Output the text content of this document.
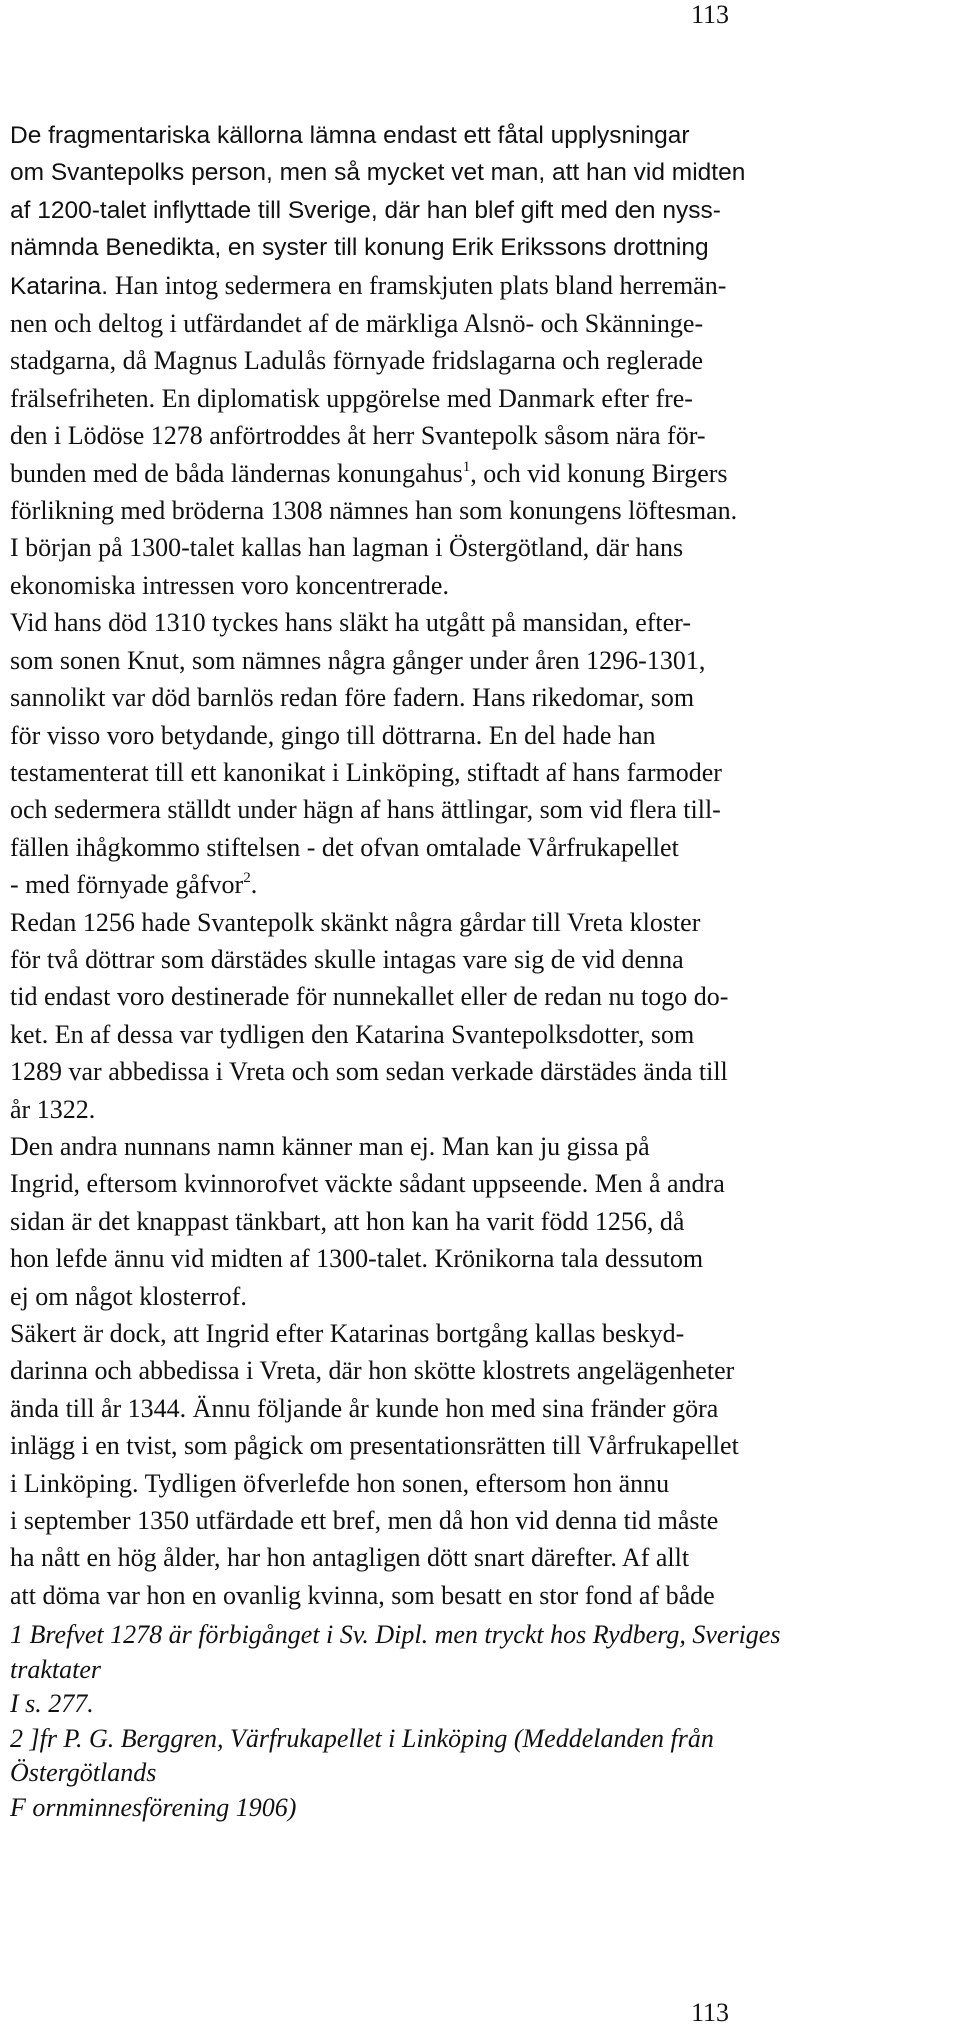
113
De fragmentariska källorna lämna endast ett fåtal upplysningar
om Svantepolks person, men så mycket vet man, att han vid midten
af 1200-talet inflyttade till Sverige, där han blef gift med den nyss-
nämnda Benedikta, en syster till konung Erik Erikssons drottning
Katarina. Han intog sedermera en framskjuten plats bland herremän-
nen och deltog i utfärdandet af de märkliga Alsnö- och Skänninge-
stadgarna, då Magnus Ladulås förnyade fridslagarna och reglerade
frälsefriheten. En diplomatisk uppgörelse med Danmark efter fre-
den i Lödöse 1278 anförtroddes åt herr Svantepolk såsom nära för-
bunden med de båda ländernas konungahus$^1$, och vid konung Birgers
förlikning med bröderna 1308 nämnes han som konungens löftesman.
I början på 1300-talet kallas han lagman i Östergötland, där hans
ekonomiska intressen voro koncentrerade.
Vid hans död 1310 tyckes hans släkt ha utgått på mansidan, efter-
som sonen Knut, som nämnes några gånger under åren 1296-1301,
sannolikt var död barnlös redan före fadern. Hans rikedomar, som
för visso voro betydande, gingo till döttrarna. En del hade han
testamenterat till ett kanonikat i Linköping, stiftadt af hans farmoder
och sedermera ställdt under hägn af hans ättlingar, som vid flera till-
fällen ihågkommo stiftelsen - det ofvan omtalade Vårfrukapellet
- med förnyade gåfvor$^2$.
Redan 1256 hade Svantepolk skänkt några gårdar till Vreta kloster
för två döttrar som därstädes skulle intagas vare sig de vid denna
tid endast voro destinerade för nunnekallet eller de redan nu togo do-
ket. En af dessa var tydligen den Katarina Svantepolksdotter, som
1289 var abbedissa i Vreta och som sedan verkade därstädes ända till
år 1322.
Den andra nunnans namn känner man ej. Man kan ju gissa på
Ingrid, eftersom kvinnorofvet väckte sådant uppseende. Men å andra
sidan är det knappast tänkbart, att hon kan ha varit född 1256, då
hon lefde ännu vid midten af 1300-talet. Krönikorna tala dessutom
ej om något klosterrof.
Säkert är dock, att Ingrid efter Katarinas bortgång kallas beskyd-
darinna och abbedissa i Vreta, där hon skötte klostrets angelägenheter
ända till år 1344. Ännu följande år kunde hon med sina fränder göra
inlägg i en tvist, som pågick om presentationsrätten till Vårfrukapellet
i Linköping. Tydligen öfverlefde hon sonen, eftersom hon ännu
i september 1350 utfärdade ett bref, men då hon vid denna tid måste
ha nått en hög ålder, har hon antagligen dött snart därefter. Af allt
att döma var hon en ovanlig kvinna, som besatt en stor fond af både
1 Brefvet 1278 är förbigånget i Sv. Dipl. men tryckt hos Rydberg, Sveriges
traktater
I s. 277.
2 ]fr P. G. Berggren, Värfrukapellet i Linköping (Meddelanden från
Östergötlands
F ornminnesförening 1906)
113
